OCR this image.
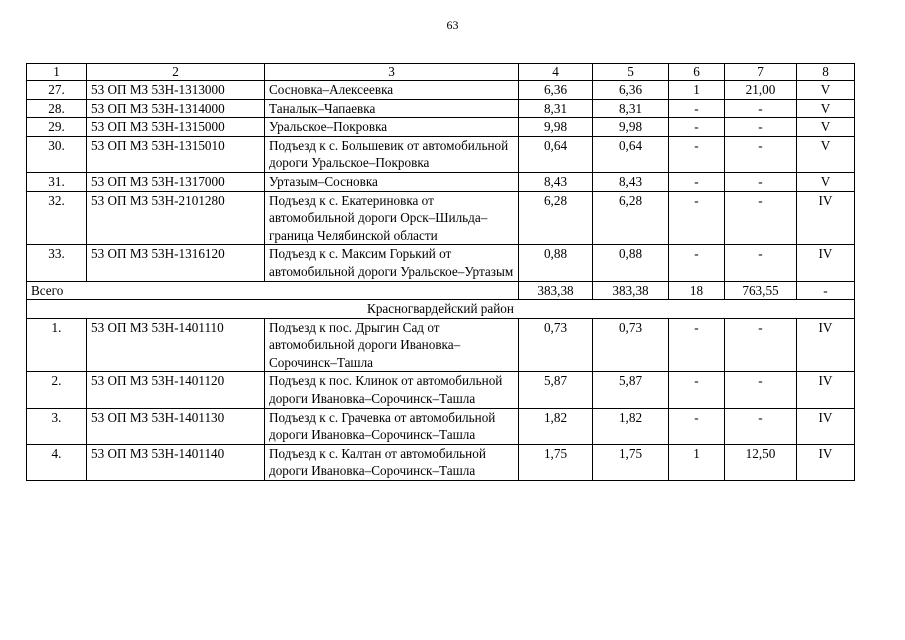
63
1	2	3	4	5	6	7	8
27.	53 ОП МЗ 53Н-1313000	Сосновка–Алексеевка	6,36	6,36	1	21,00	V
28.	53 ОП МЗ 53Н-1314000	Таналык–Чапаевка	8,31	8,31	-	-	V
29.	53 ОП МЗ 53Н-1315000	Уральское–Покровка	9,98	9,98	-	-	V
30.	53 ОП МЗ 53Н-1315010	Подъезд к с. Большевик от автомобильной дороги Уральское–Покровка	0,64	0,64	-	-	V
31.	53 ОП МЗ 53Н-1317000	Уртазым–Сосновка	8,43	8,43	-	-	V
32.	53 ОП МЗ 53Н-2101280	Подъезд к с. Екатериновка от автомобильной дороги Орск–Шильда–граница Челябинской области	6,28	6,28	-	-	IV
33.	53 ОП МЗ 53Н-1316120	Подъезд к с. Максим Горький от автомобильной дороги Уральское–Уртазым	0,88	0,88	-	-	IV
Всего			383,38	383,38	18	763,55	-
Красногвардейский район							
1.	53 ОП МЗ 53Н-1401110	Подъезд к пос. Дрыгин Сад от автомобильной дороги Ивановка–Сорочинск–Ташла	0,73	0,73	-	-	IV
2.	53 ОП МЗ 53Н-1401120	Подъезд к пос. Клинок от автомобильной дороги Ивановка–Сорочинск–Ташла	5,87	5,87	-	-	IV
3.	53 ОП МЗ 53Н-1401130	Подъезд к с. Грачевка от автомобильной дороги Ивановка–Сорочинск–Ташла	1,82	1,82	-	-	IV
4.	53 ОП МЗ 53Н-1401140	Подъезд к с. Калтан от автомобильной дороги Ивановка–Сорочинск–Ташла	1,75	1,75	1	12,50	IV
